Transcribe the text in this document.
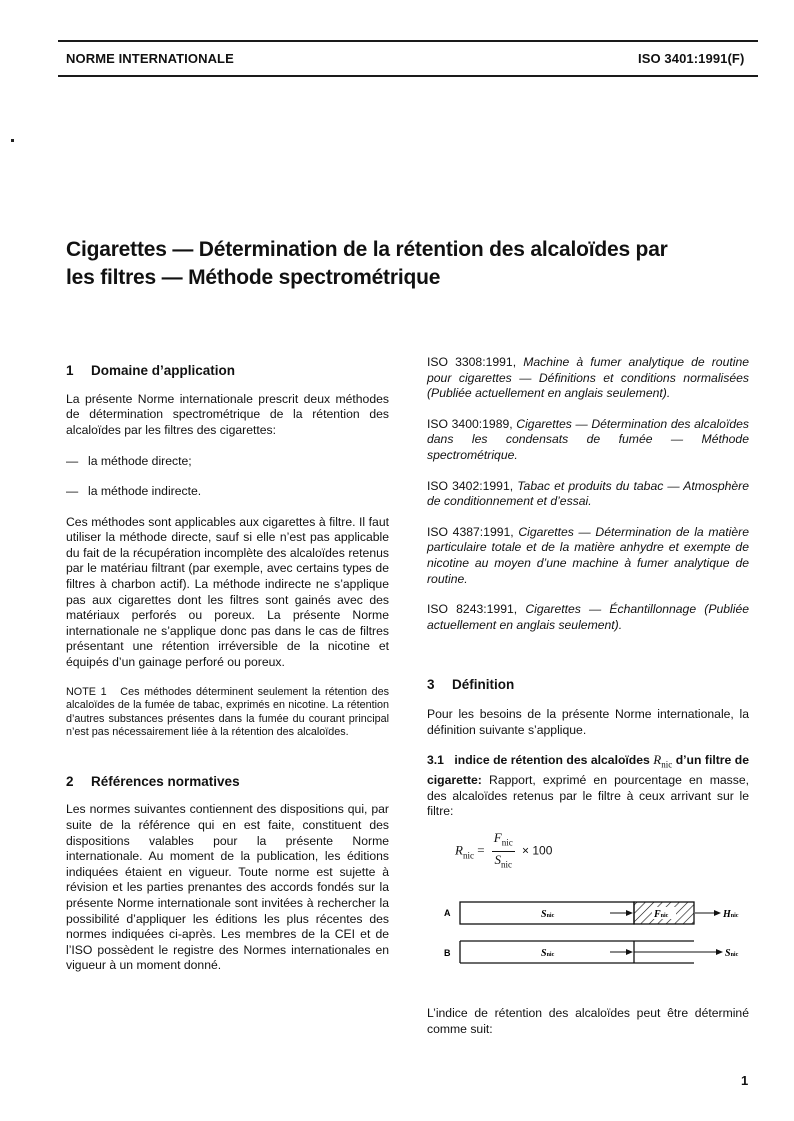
NORME INTERNATIONALE	ISO 3401:1991(F)
Cigarettes — Détermination de la rétention des alcaloïdes par
les filtres — Méthode spectrométrique
1 Domaine d’application

La présente Norme internationale prescrit deux méthodes de détermination spectrométrique de la rétention des alcaloïdes par les filtres des cigarettes:

— la méthode directe;

— la méthode indirecte.

Ces méthodes sont applicables aux cigarettes à filtre. Il faut utiliser la méthode directe, sauf si elle n’est pas applicable du fait de la récupération incomplète des alcaloïdes retenus par le matériau filtrant (par exemple, avec certains types de filtres à charbon actif). La méthode indirecte ne s’applique pas aux cigarettes dont les filtres sont gainés avec des matériaux perforés ou poreux. La présente Norme internationale ne s’applique donc pas dans le cas de filtres présentant une rétention irréversible de la nicotine et équipés d’un gainage perforé ou poreux.

NOTE 1 Ces méthodes déterminent seulement la rétention des alcaloïdes de la fumée de tabac, exprimés en nicotine. La rétention d’autres substances présentes dans la fumée du courant principal n’est pas nécessairement liée à la rétention des alcaloïdes.

2 Références normatives

Les normes suivantes contiennent des dispositions qui, par suite de la référence qui en est faite, constituent des dispositions valables pour la présente Norme internationale. Au moment de la publication, les éditions indiquées étaient en vigueur. Toute norme est sujette à révision et les parties prenantes des accords fondés sur la présente Norme internationale sont invitées à rechercher la possibilité d’appliquer les éditions les plus récentes des normes indiquées ci-après. Les membres de la CEI et de l’ISO possèdent le registre des Normes internationales en vigueur à un moment donné.

ISO 3308:1991, Machine à fumer analytique de routine pour cigarettes — Définitions et conditions normalisées (Publiée actuellement en anglais seulement).

ISO 3400:1989, Cigarettes — Détermination des alcaloïdes dans les condensats de fumée — Méthode spectrométrique.

ISO 3402:1991, Tabac et produits du tabac — Atmosphère de conditionnement et d’essai.

ISO 4387:1991, Cigarettes — Détermination de la matière particulaire totale et de la matière anhydre et exempte de nicotine au moyen d’une machine à fumer analytique de routine.

ISO 8243:1991, Cigarettes — Échantillonnage (Publiée actuellement en anglais seulement).

3 Définition

Pour les besoins de la présente Norme internationale, la définition suivante s’applique.

3.1 indice de rétention des alcaloïdes $R_{nic}$ d’un filtre de cigarette: Rapport, exprimé en pourcentage en masse, des alcaloïdes retenus par le filtre à ceux arrivant sur le filtre:

$R_{nic} = \frac{F_{nic}}{S_{nic}} \times 100$
A	Snic	Fnic	Hnic
B	Snic	Snic

L’indice de rétention des alcaloïdes peut être déterminé comme suit:

1
